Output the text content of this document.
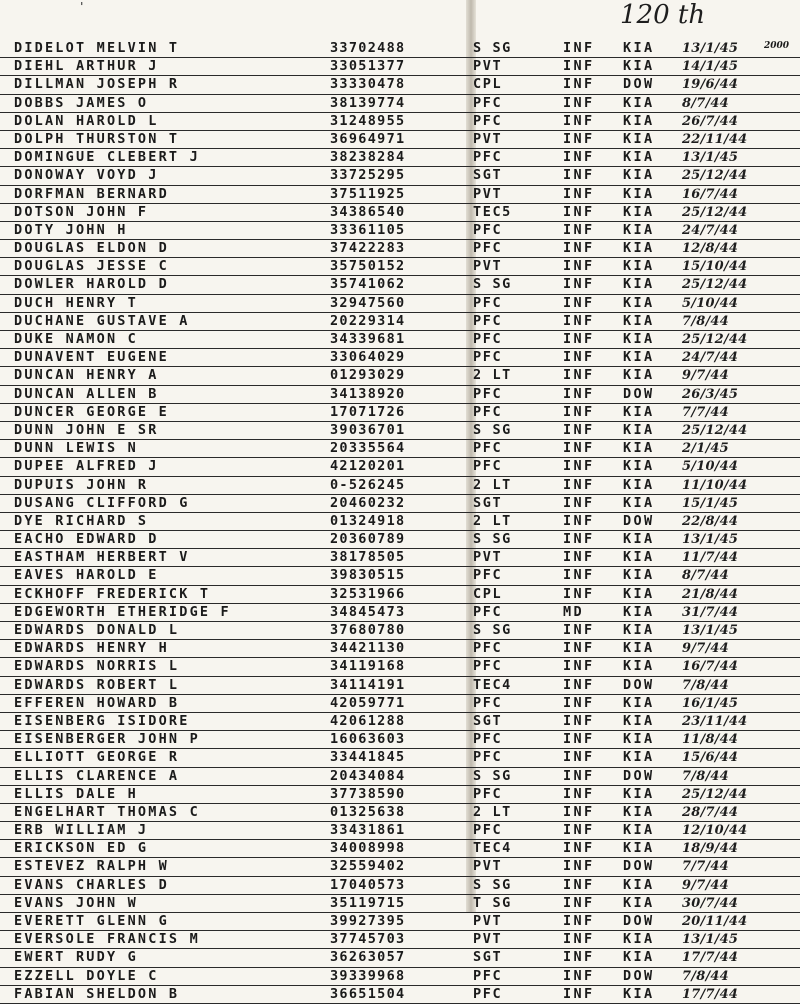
'	120 th
DIDELOT MELVIN T	33702488	S SG	INF KIA 13/1/45	2000
DIEHL ARTHUR J	33051377	PVT	INF KIA 14/1/45
DILLMAN JOSEPH R	33330478	CPL	INF DOW 19/6/44
DOBBS JAMES O	38139774	PFC	INF KIA 8/7/44
DOLAN HAROLD L	31248955	PFC	INF KIA 26/7/44
DOLPH THURSTON T	36964971	PVT	INF KIA 22/11/44
DOMINGUE CLEBERT J	38238284	PFC	INF KIA 13/1/45
DONOWAY VOYD J	33725295	SGT	INF KIA 25/12/44
DORFMAN BERNARD	37511925	PVT	INF KIA 16/7/44
DOTSON JOHN F	34386540	TEC5	INF KIA 25/12/44
DOTY JOHN H	33361105	PFC	INF KIA 24/7/44
DOUGLAS ELDON D	37422283	PFC	INF KIA 12/8/44
DOUGLAS JESSE C	35750152	PVT	INF KIA 15/10/44
DOWLER HAROLD D	35741062	S SG	INF KIA 25/12/44
DUCH HENRY T	32947560	PFC	INF KIA 5/10/44
DUCHANE GUSTAVE A	20229314	PFC	INF KIA 7/8/44
DUKE NAMON C	34339681	PFC	INF KIA 25/12/44
DUNAVENT EUGENE	33064029	PFC	INF KIA 24/7/44
DUNCAN HENRY A	01293029	2 LT	INF KIA 9/7/44
DUNCAN ALLEN B	34138920	PFC	INF DOW 26/3/45
DUNCER GEORGE E	17071726	PFC	INF KIA 7/7/44
DUNN JOHN E SR	39036701	S SG	INF KIA 25/12/44
DUNN LEWIS N	20335564	PFC	INF KIA 2/1/45
DUPEE ALFRED J	42120201	PFC	INF KIA 5/10/44
DUPUIS JOHN R	0-526245	2 LT	INF KIA 11/10/44
DUSANG CLIFFORD G	20460232	SGT	INF KIA 15/1/45
DYE RICHARD S	01324918	2 LT	INF DOW 22/8/44
EACHO EDWARD D	20360789	S SG	INF KIA 13/1/45
EASTHAM HERBERT V	38178505	PVT	INF KIA 11/7/44
EAVES HAROLD E	39830515	PFC	INF KIA 8/7/44
ECKHOFF FREDERICK T	32531966	CPL	INF KIA 21/8/44
EDGEWORTH ETHERIDGE F	34845473	PFC	MD	KIA 31/7/44
EDWARDS DONALD L	37680780	S SG	INF KIA 13/1/45
EDWARDS HENRY H	34421130	PFC	INF KIA 9/7/44
EDWARDS NORRIS L	34119168	PFC	INF KIA 16/7/44
EDWARDS ROBERT L	34114191	TEC4	INF DOW 7/8/44
EFFEREN HOWARD B	42059771	PFC	INF KIA 16/1/45
EISENBERG ISIDORE	42061288	SGT	INF KIA 23/11/44
EISENBERGER JOHN P	16063603	PFC	INF KIA 11/8/44
ELLIOTT GEORGE R	33441845	PFC	INF KIA 15/6/44
ELLIS CLARENCE A	20434084	S SG	INF DOW 7/8/44
ELLIS DALE H	37738590	PFC	INF KIA 25/12/44
ENGELHART THOMAS C	01325638	2 LT	INF KIA 28/7/44
ERB WILLIAM J	33431861	PFC	INF KIA 12/10/44
ERICKSON ED G	34008998	TEC4	INF KIA 18/9/44
ESTEVEZ RALPH W	32559402	PVT	INF DOW 7/7/44
EVANS CHARLES D	17040573	S SG	INF KIA 9/7/44
EVANS JOHN W	35119715	T SG	INF KIA 30/7/44
EVERETT GLENN G	39927395	PVT	INF DOW 20/11/44
EVERSOLE FRANCIS M	37745703	PVT	INF KIA 13/1/45
EWERT RUDY G	36263057	SGT	INF KIA 17/7/44
EZZELL DOYLE C	39339968	PFC	INF DOW 7/8/44
FABIAN SHELDON B	36651504	PFC	INF KIA 17/7/44
